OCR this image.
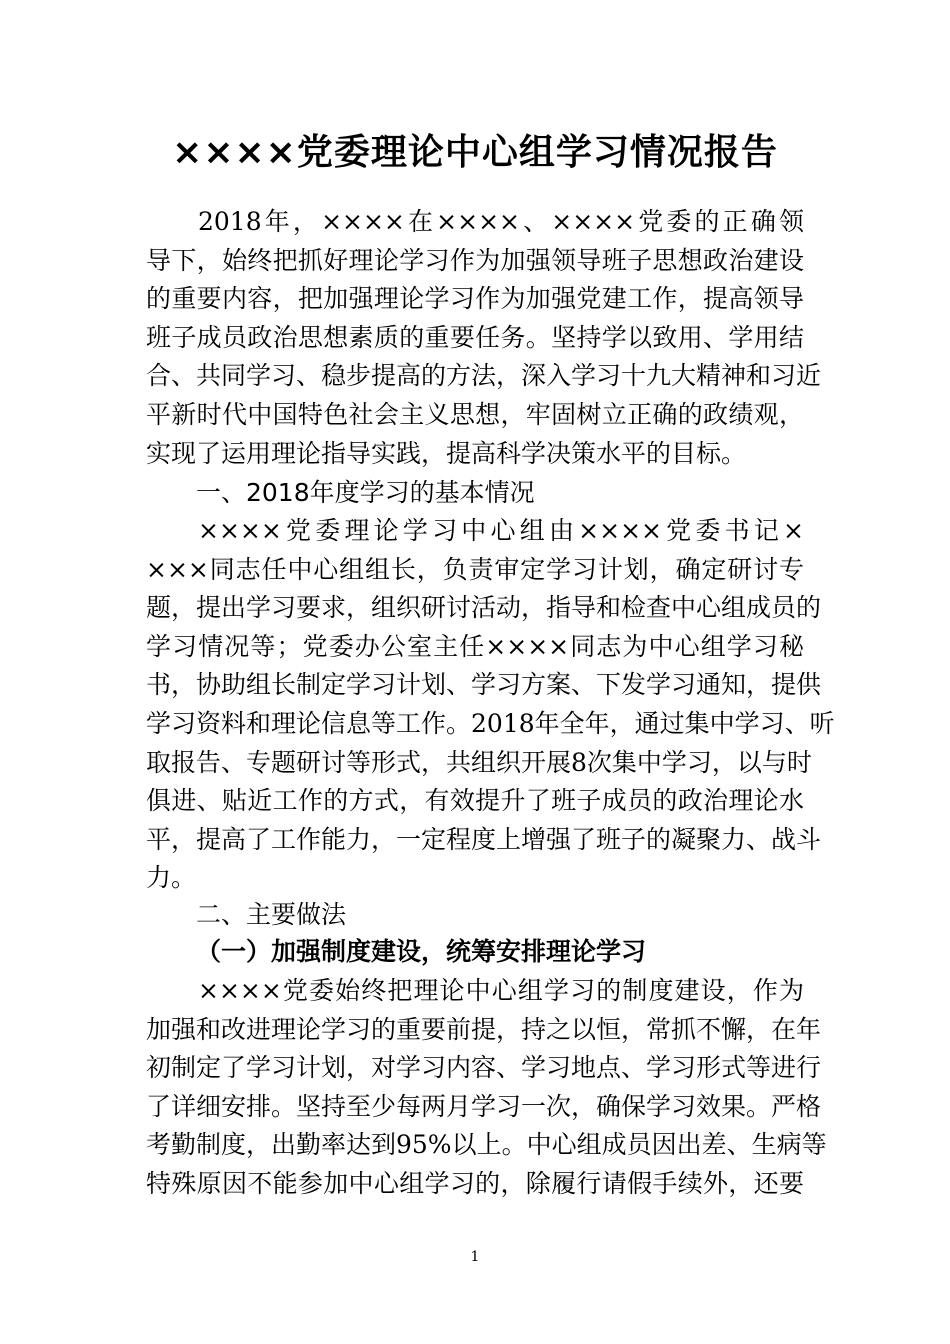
××××党委理论中心组学习情况报告
2018年，××××在××××、××××党委的正确领
导下，始终把抓好理论学习作为加强领导班子思想政治建设
的重要内容，把加强理论学习作为加强党建工作，提高领导
班子成员政治思想素质的重要任务。坚持学以致用、学用结
合、共同学习、稳步提高的方法，深入学习十九大精神和习近
平新时代中国特色社会主义思想，牢固树立正确的政绩观，
实现了运用理论指导实践，提高科学决策水平的目标。
一、2018年度学习的基本情况
××××党委理论学习中心组由××××党委书记×
×××同志任中心组组长，负责审定学习计划，确定研讨专
题，提出学习要求，组织研讨活动，指导和检查中心组成员的
学习情况等；党委办公室主任××××同志为中心组学习秘
书，协助组长制定学习计划、学习方案、下发学习通知，提供
学习资料和理论信息等工作。2018年全年，通过集中学习、听
取报告、专题研讨等形式，共组织开展8次集中学习，以与时
俱进、贴近工作的方式，有效提升了班子成员的政治理论水
平，提高了工作能力，一定程度上增强了班子的凝聚力、战斗
力。
二、主要做法
（一）加强制度建设，统筹安排理论学习
××××党委始终把理论中心组学习的制度建设，作为
加强和改进理论学习的重要前提，持之以恒，常抓不懈，在年
初制定了学习计划，对学习内容、学习地点、学习形式等进行
了详细安排。坚持至少每两月学习一次，确保学习效果。严格
考勤制度，出勤率达到95%以上。中心组成员因出差、生病等
特殊原因不能参加中心组学习的，除履行请假手续外，还要
1
